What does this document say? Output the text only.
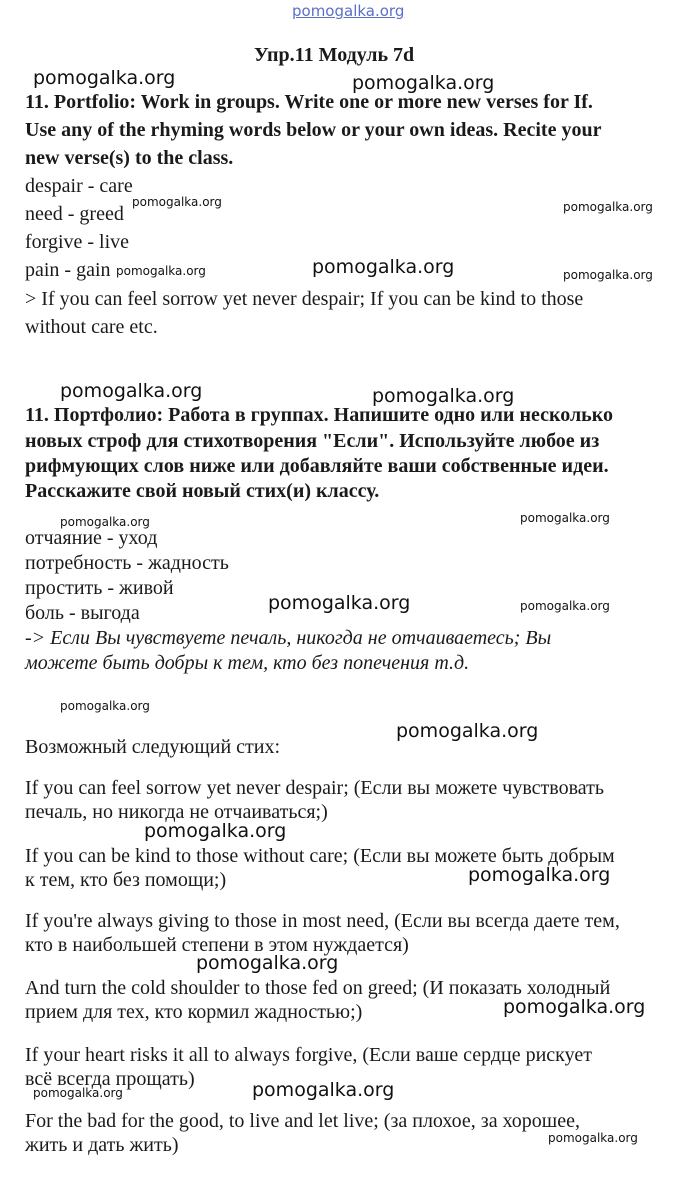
pomogalka.org
Упр.11 Модуль 7d
11. Portfolio: Work in groups. Write one or more new verses for If.
Use any of the rhyming words below or your own ideas. Recite your
new verse(s) to the class.
despair - care
need - greed
forgive - live
pain - gain
> If you can feel sorrow yet never despair; If you can be kind to those
without care etc.
11. Портфолио: Работа в группах. Напишите одно или несколько
новых строф для стихотворения "Если". Используйте любое из
рифмующих слов ниже или добавляйте ваши собственные идеи.
Расскажите свой новый стих(и) классу.
отчаяние - уход
потребность - жадность
простить - живой
боль - выгода
-> Если Вы чувствуете печаль, никогда не отчаиваетесь; Вы
можете быть добры к тем, кто без попечения т.д.
Возможный следующий стих:
If you can feel sorrow yet never despair; (Если вы можете чувствовать
печаль, но никогда не отчаиваться;)
If you can be kind to those without care; (Если вы можете быть добрым
к тем, кто без помощи;)
If you're always giving to those in most need, (Если вы всегда даете тем,
кто в наибольшей степени в этом нуждается)
And turn the cold shoulder to those fed on greed; (И показать холодный
прием для тех, кто кормил жадностью;)
If your heart risks it all to always forgive, (Если ваше сердце рискует
всё всегда прощать)
For the bad for the good, to live and let live; (за плохое, за хорошее,
жить и дать жить)
pomogalka.org	pomogalka.org
pomogalka.org
pomogalka.org	pomogalka.org
pomogalka.org
pomogalka.org
pomogalka.org
pomogalka.org
pomogalka.org
pomogalka.org
pomogalka.org
pomogalka.org	pomogalka.org
pomogalka.org	pomogalka.org
pomogalka.org	pomogalka.org
pomogalka.org
pomogalka.org
pomogalka.org
pomogalka.org
